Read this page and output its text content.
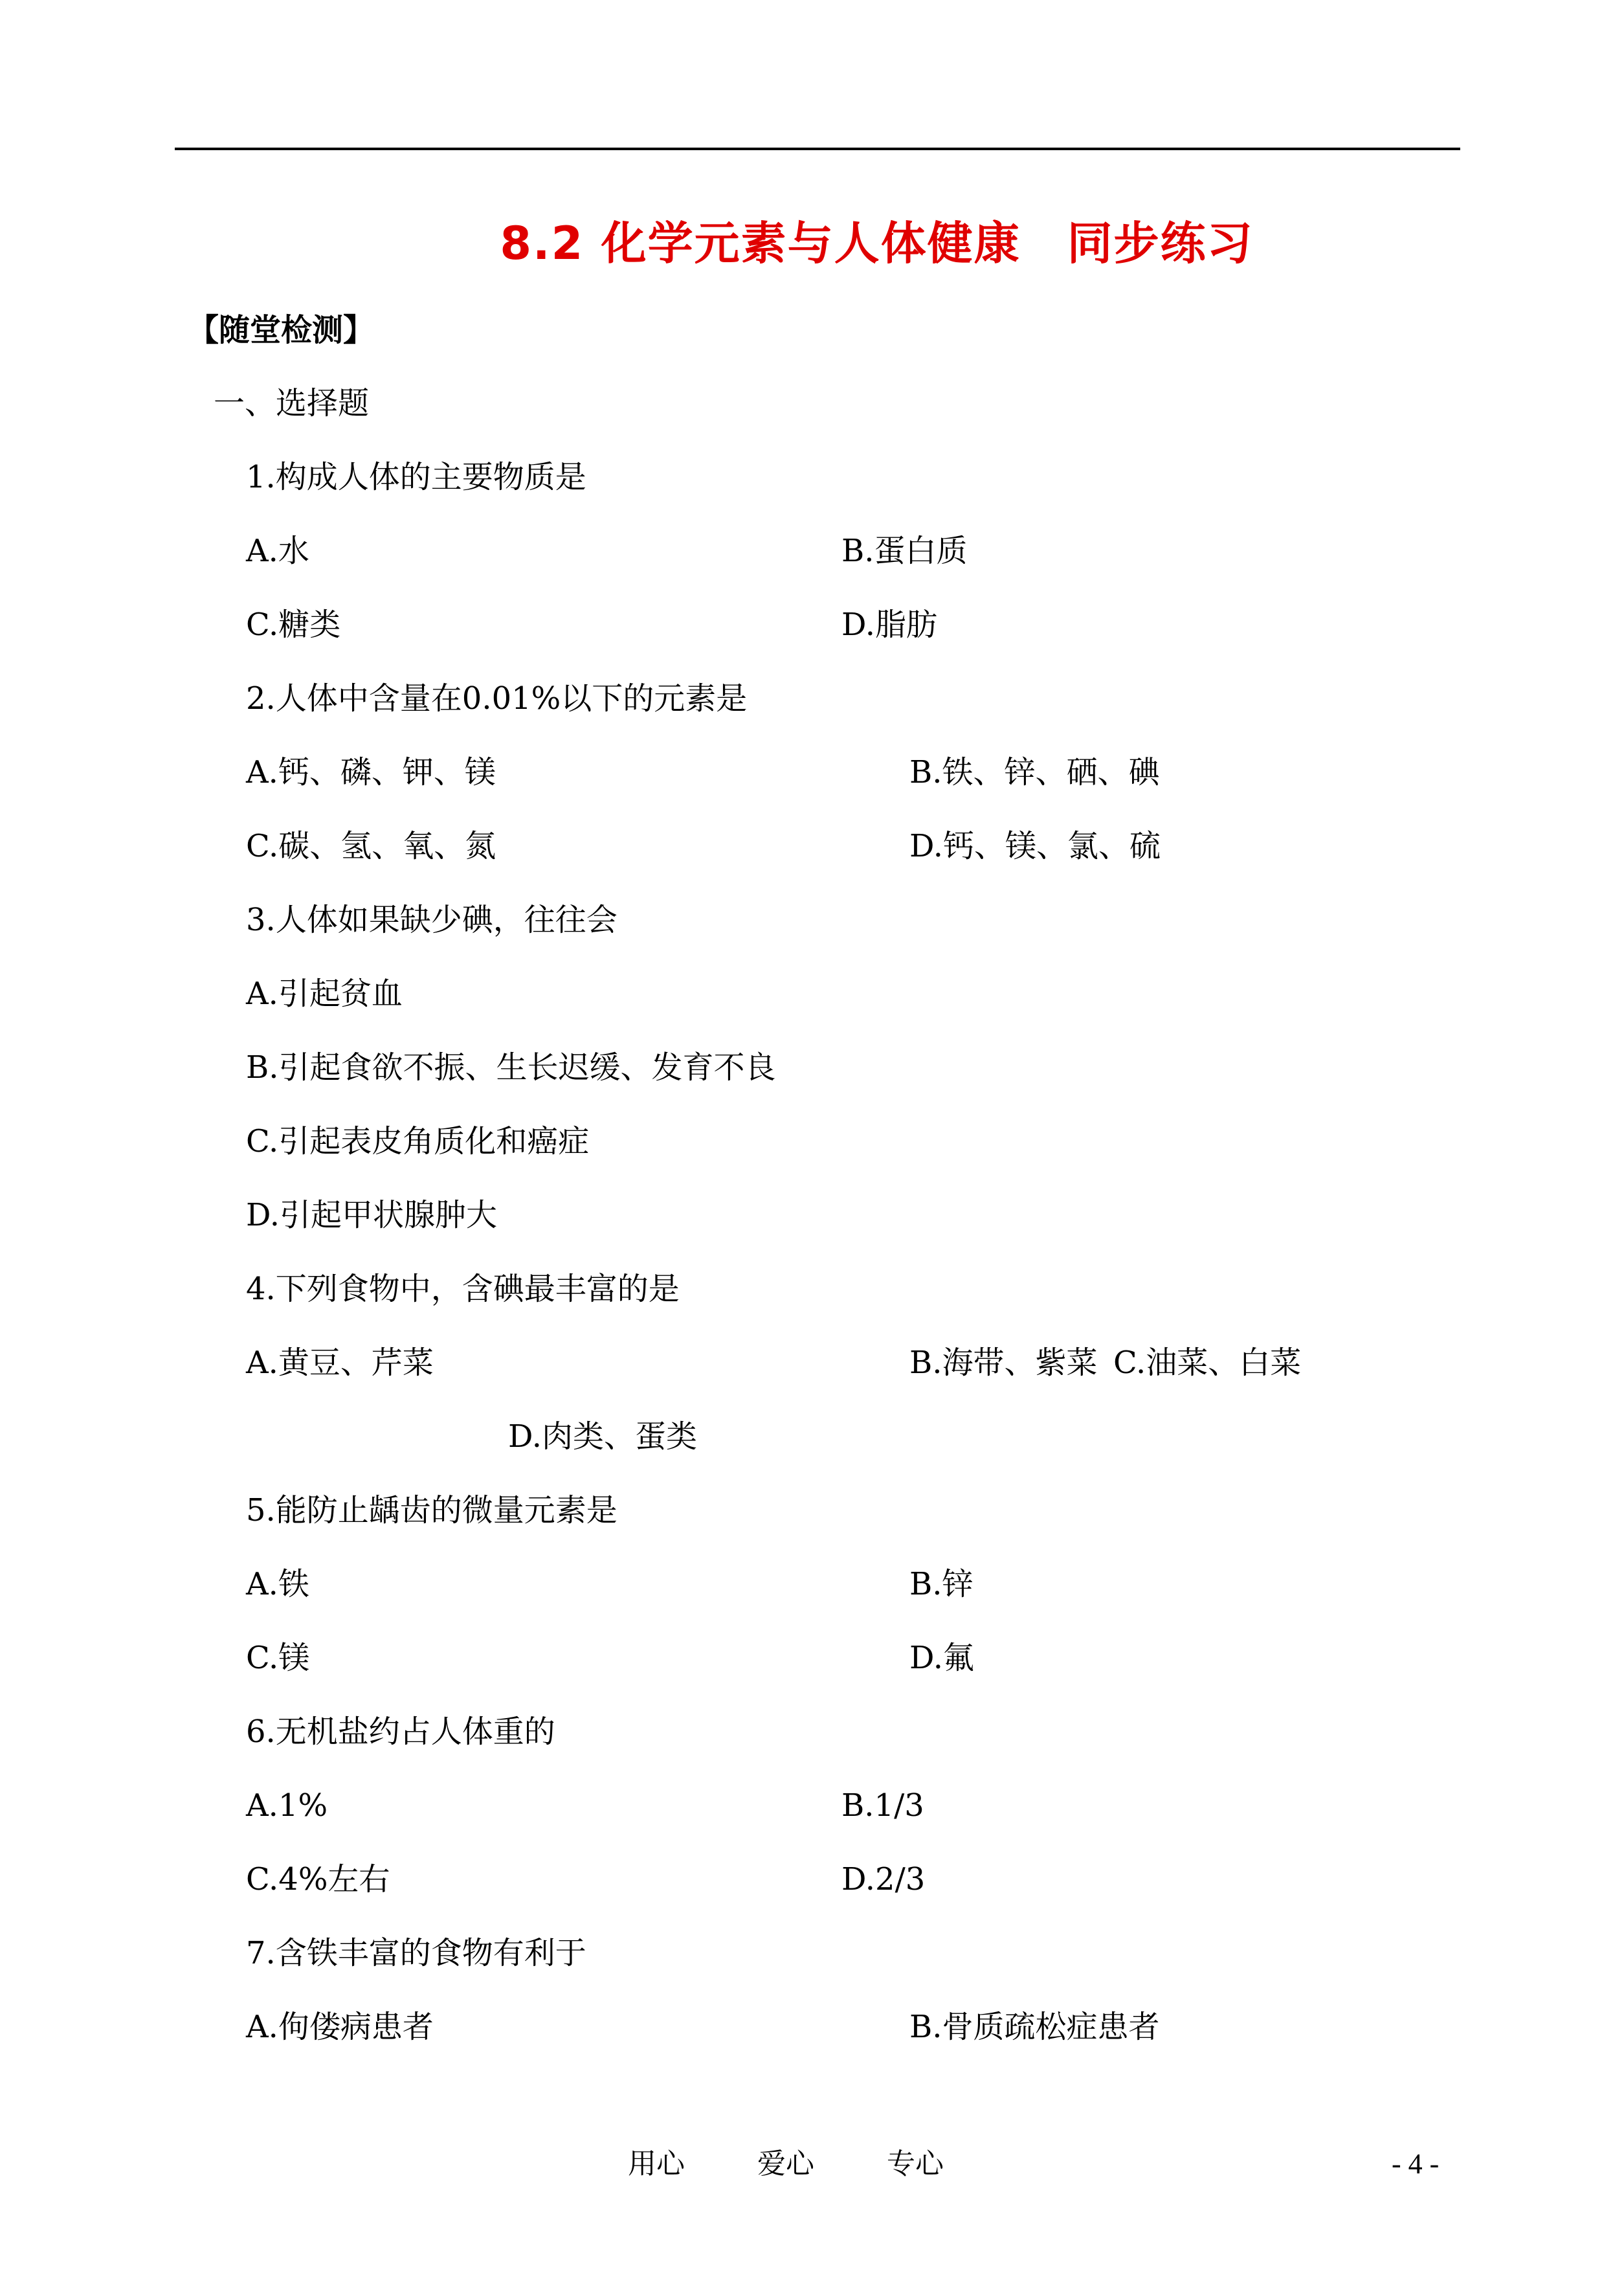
8.2 化学元素与人体健康　同步练习
【随堂检测】
一、选择题
1.构成人体的主要物质是
A.水	B.蛋白质
C.糖类	D.脂肪
2.人体中含量在0.01%以下的元素是
A.钙、磷、钾、镁	B.铁、锌、硒、碘
C.碳、氢、氧、氮	D.钙、镁、氯、硫
3.人体如果缺少碘，往往会
A.引起贫血
B.引起食欲不振、生长迟缓、发育不良
C.引起表皮角质化和癌症
D.引起甲状腺肿大
4.下列食物中，含碘最丰富的是
A.黄豆、芹菜	B.海带、紫菜 C.油菜、白菜
D.肉类、蛋类
5.能防止龋齿的微量元素是
A.铁	B.锌
C.镁	D.氟
6.无机盐约占人体重的
A.1%	B.1/3
C.4%左右	D.2/3
7.含铁丰富的食物有利于
A.佝偻病患者	B.骨质疏松症患者
用心	爱心	专心	- 4 -
